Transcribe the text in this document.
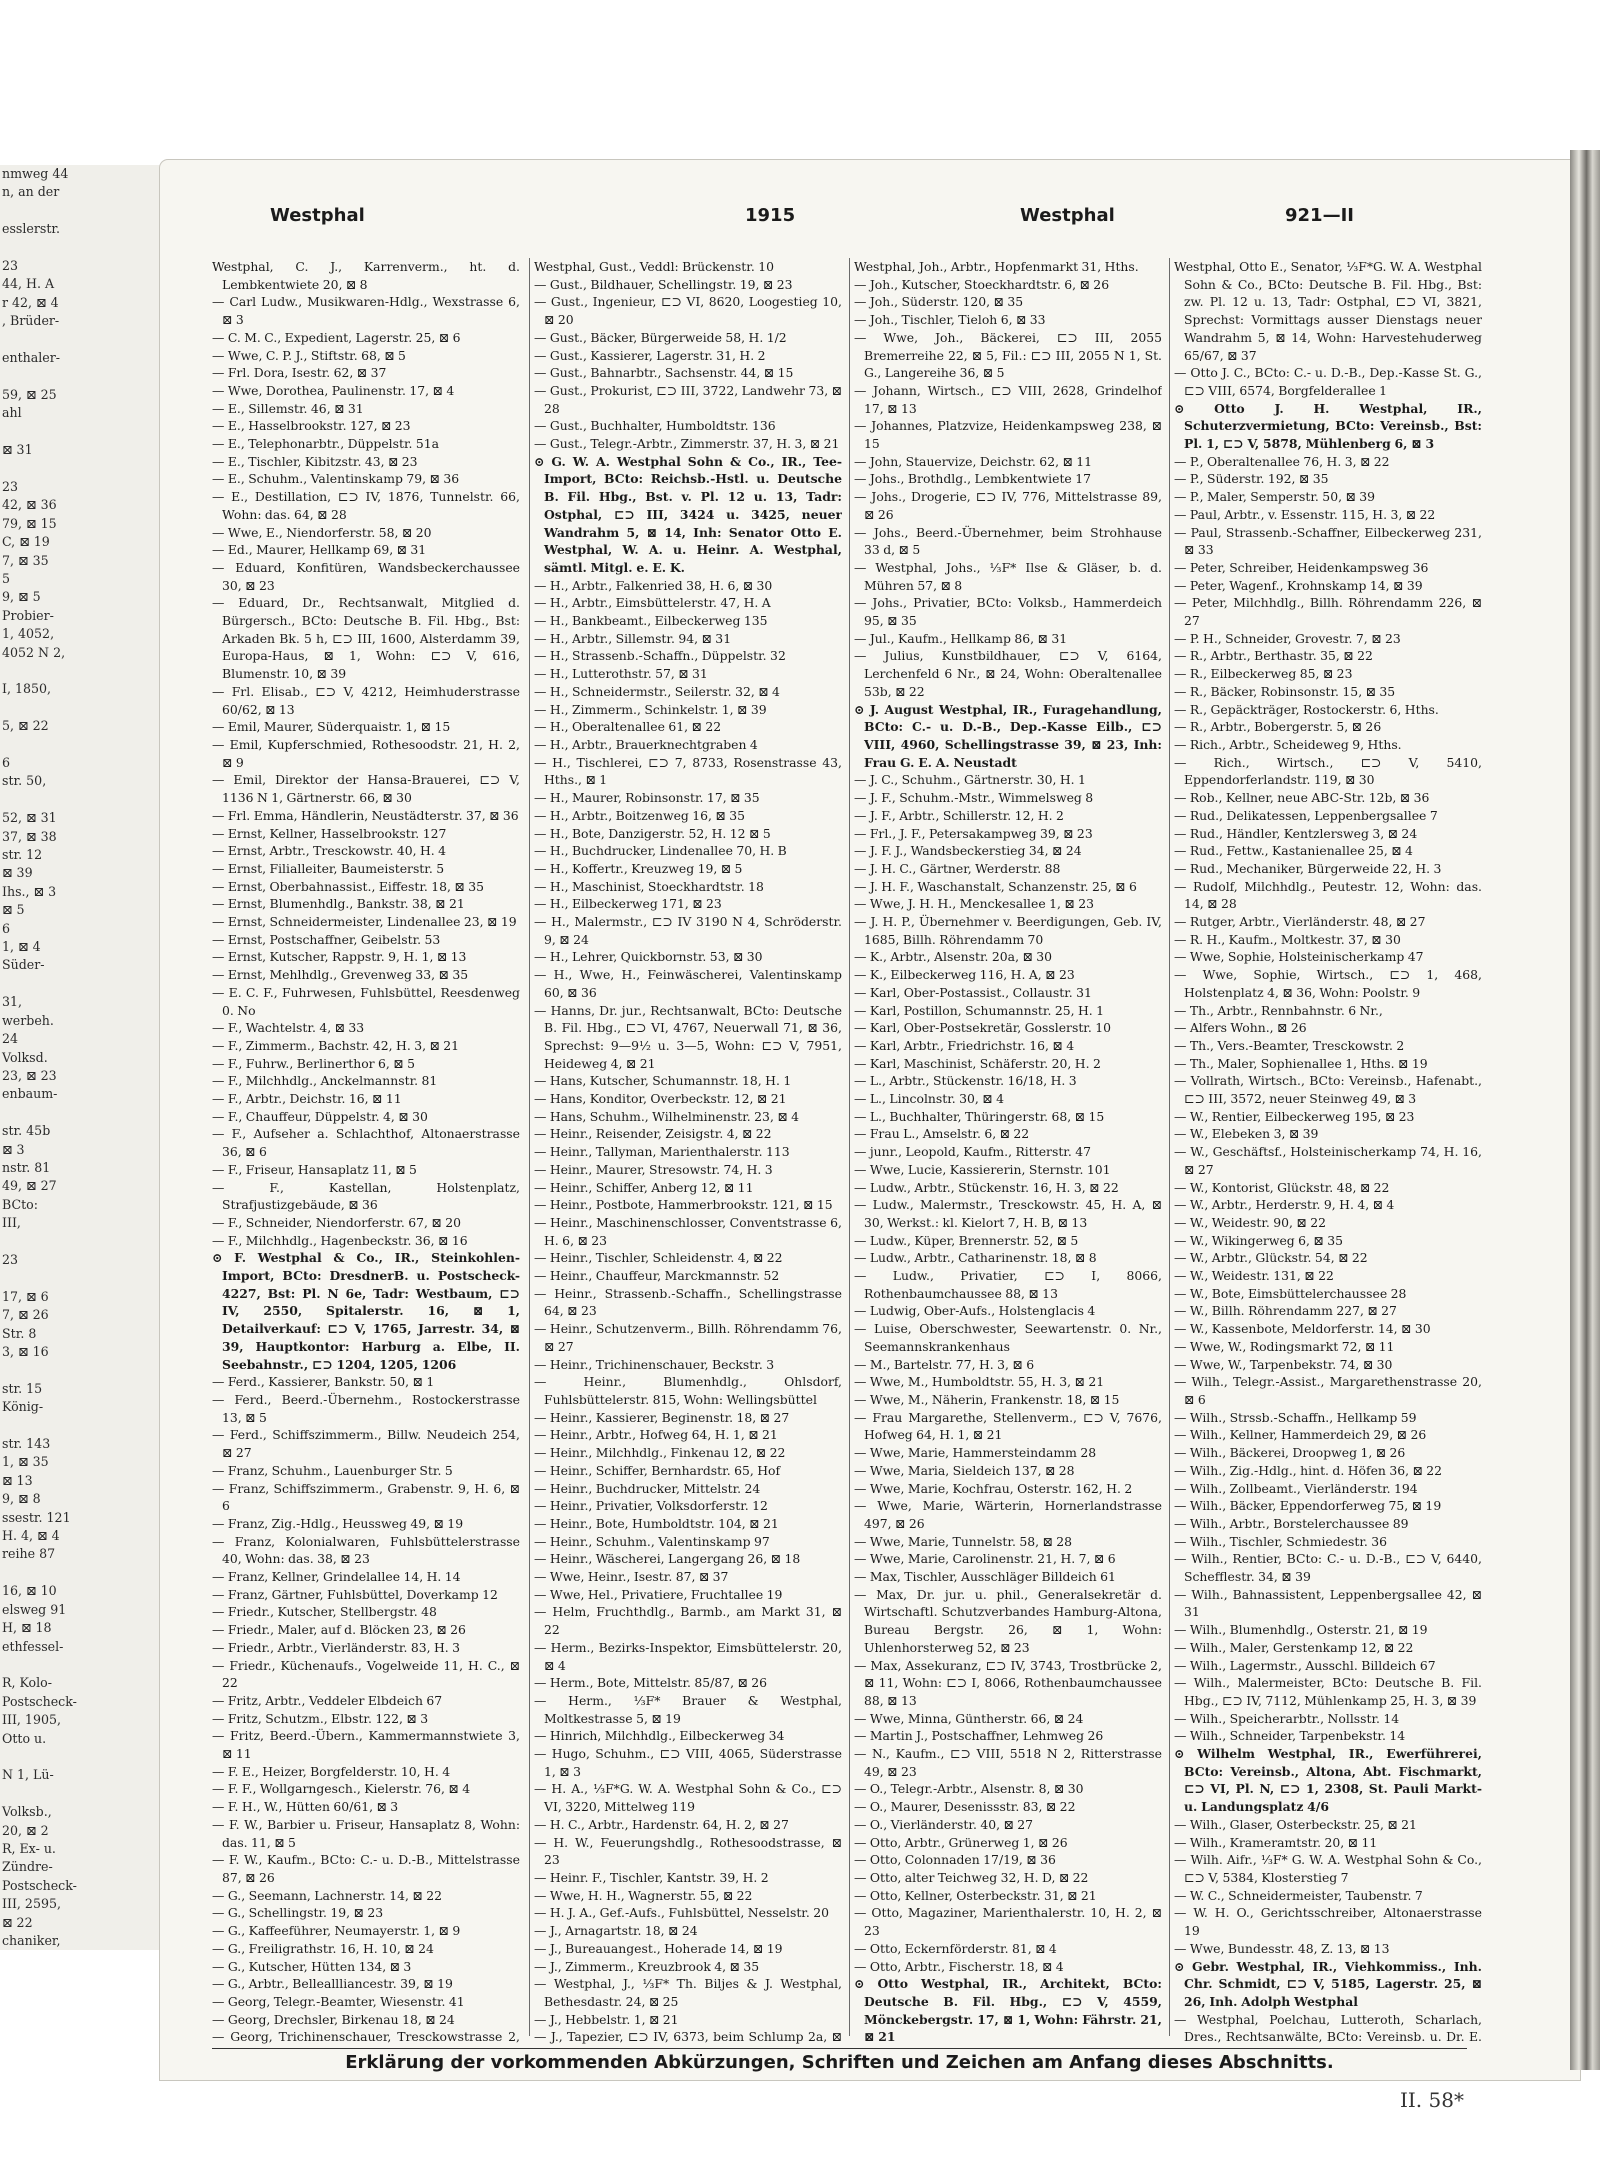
nmweg 44
n, an der

esslerstr.

23
44, H. A
r 42, ⊠ 4
, Brüder-

enthaler-

59, ⊠ 25
ahl

⊠ 31

23
42, ⊠ 36
79, ⊠ 15
C, ⊠ 19
7, ⊠ 35
5
9, ⊠ 5
Probier-
1, 4052,
4052 N 2,

I, 1850,

5, ⊠ 22

6
str. 50,

52, ⊠ 31
37, ⊠ 38
str. 12
⊠ 39
Ihs., ⊠ 3
⊠ 5
6
1, ⊠ 4
Süder-

31,
werbeh.
24
Volksd.
23, ⊠ 23
enbaum-

str. 45b
⊠ 3
nstr. 81
49, ⊠ 27
BCto:
III,

23

17, ⊠ 6
7, ⊠ 26
Str. 8
3, ⊠ 16

str. 15
König-

str. 143
1, ⊠ 35
⊠ 13
9, ⊠ 8
ssestr. 121
H. 4, ⊠ 4
reihe 87

16, ⊠ 10
elsweg 91
H, ⊠ 18
ethfessel-

R, Kolo-
Postscheck-
III, 1905,
Otto u.

N 1, Lü-

Volksb.,
20, ⊠ 2
R, Ex- u.
Zündre-
Postscheck-
III, 2595,
⊠ 22
chaniker,
Westphal	1915	Westphal	921—II
Westphal, C. J., Karrenverm., ht. d. Lembkentwiete 20, ⊠ 8
— Carl Ludw., Musikwaren-Hdlg., Wexstrasse 6, ⊠ 3
— C. M. C., Expedient, Lagerstr. 25, ⊠ 6
— Wwe, C. P. J., Stiftstr. 68, ⊠ 5
— Frl. Dora, Isestr. 62, ⊠ 37
— Wwe, Dorothea, Paulinenstr. 17, ⊠ 4
— E., Sillemstr. 46, ⊠ 31
— E., Hasselbrookstr. 127, ⊠ 23
— E., Telephonarbtr., Düppelstr. 51a
— E., Tischler, Kibitzstr. 43, ⊠ 23
— E., Schuhm., Valentinskamp 79, ⊠ 36
— E., Destillation, ⊏⊃ IV, 1876, Tunnelstr. 66, Wohn: das. 64, ⊠ 28
— Wwe, E., Niendorferstr. 58, ⊠ 20
— Ed., Maurer, Hellkamp 69, ⊠ 31
— Eduard, Konfitüren, Wandsbeckerchaussee 30, ⊠ 23
— Eduard, Dr., Rechtsanwalt, Mitglied d. Bürgersch., BCto: Deutsche B. Fil. Hbg., Bst: Arkaden Bk. 5 h, ⊏⊃ III, 1600, Alsterdamm 39, Europa-Haus, ⊠ 1, Wohn: ⊏⊃ V, 616, Blumenstr. 10, ⊠ 39
— Frl. Elisab., ⊏⊃ V, 4212, Heimhuderstrasse 60/62, ⊠ 13
— Emil, Maurer, Süderquaistr. 1, ⊠ 15
— Emil, Kupferschmied, Rothesoodstr. 21, H. 2, ⊠ 9
— Emil, Direktor der Hansa-Brauerei, ⊏⊃ V, 1136 N 1, Gärtnerstr. 66, ⊠ 30
— Frl. Emma, Händlerin, Neustädterstr. 37, ⊠ 36
— Ernst, Kellner, Hasselbrookstr. 127
— Ernst, Arbtr., Tresckowstr. 40, H. 4
— Ernst, Filialleiter, Baumeisterstr. 5
— Ernst, Oberbahnassist., Eiffestr. 18, ⊠ 35
— Ernst, Blumenhdlg., Bankstr. 38, ⊠ 21
— Ernst, Schneidermeister, Lindenallee 23, ⊠ 19
— Ernst, Postschaffner, Geibelstr. 53
— Ernst, Kutscher, Rappstr. 9, H. 1, ⊠ 13
— Ernst, Mehlhdlg., Grevenweg 33, ⊠ 35
— E. C. F., Fuhrwesen, Fuhlsbüttel, Reesdenweg 0. No
— F., Wachtelstr. 4, ⊠ 33
— F., Zimmerm., Bachstr. 42, H. 3, ⊠ 21
— F., Fuhrw., Berlinerthor 6, ⊠ 5
— F., Milchhdlg., Anckelmannstr. 81
— F., Arbtr., Deichstr. 16, ⊠ 11
— F., Chauffeur, Düppelstr. 4, ⊠ 30
— F., Aufseher a. Schlachthof, Altonaerstrasse 36, ⊠ 6
— F., Friseur, Hansaplatz 11, ⊠ 5
— F., Kastellan, Holstenplatz, Strafjustizgebäude, ⊠ 36
— F., Schneider, Niendorferstr. 67, ⊠ 20
— F., Milchhdlg., Hagenbeckstr. 36, ⊠ 16
⊙ F. Westphal & Co., IR., Steinkohlen-Import, BCto: DresdnerB. u. Postscheck-4227, Bst: Pl. N 6e, Tadr: Westbaum, ⊏⊃ IV, 2550, Spitalerstr. 16, ⊠ 1, Detailverkauf: ⊏⊃ V, 1765, Jarrestr. 34, ⊠ 39, Hauptkontor: Harburg a. Elbe, II. Seebahnstr., ⊏⊃ 1204, 1205, 1206
— Ferd., Kassierer, Bankstr. 50, ⊠ 1
— Ferd., Beerd.-Übernehm., Rostockerstrasse 13, ⊠ 5
— Ferd., Schiffszimmerm., Billw. Neudeich 254, ⊠ 27
— Franz, Schuhm., Lauenburger Str. 5
— Franz, Schiffszimmerm., Grabenstr. 9, H. 6, ⊠ 6
— Franz, Zig.-Hdlg., Heussweg 49, ⊠ 19
— Franz, Kolonialwaren, Fuhlsbüttelerstrasse 40, Wohn: das. 38, ⊠ 23
— Franz, Kellner, Grindelallee 14, H. 14
— Franz, Gärtner, Fuhlsbüttel, Doverkamp 12
— Friedr., Kutscher, Stellbergstr. 48
— Friedr., Maler, auf d. Blöcken 23, ⊠ 26
— Friedr., Arbtr., Vierländerstr. 83, H. 3
— Friedr., Küchenaufs., Vogelweide 11, H. C., ⊠ 22
— Fritz, Arbtr., Veddeler Elbdeich 67
— Fritz, Schutzm., Elbstr. 122, ⊠ 3
— Fritz, Beerd.-Übern., Kammermannstwiete 3, ⊠ 11
— F. E., Heizer, Borgfelderstr. 10, H. 4
— F. F., Wollgarngesch., Kielerstr. 76, ⊠ 4
— F. H., W., Hütten 60/61, ⊠ 3
— F. W., Barbier u. Friseur, Hansaplatz 8, Wohn: das. 11, ⊠ 5
— F. W., Kaufm., BCto: C.- u. D.-B., Mittelstrasse 87, ⊠ 26
— G., Seemann, Lachnerstr. 14, ⊠ 22
— G., Schellingstr. 19, ⊠ 23
— G., Kaffeeführer, Neumayerstr. 1, ⊠ 9
— G., Freiligrathstr. 16, H. 10, ⊠ 24
— G., Kutscher, Hütten 134, ⊠ 3
— G., Arbtr., Belleallliancestr. 39, ⊠ 19
— Georg, Telegr.-Beamter, Wiesenstr. 41
— Georg, Drechsler, Birkenau 18, ⊠ 24
— Georg, Trichinenschauer, Tresckowstrasse 2,
Westphal, Gust., Veddl: Brückenstr. 10
— Gust., Bildhauer, Schellingstr. 19, ⊠ 23
— Gust., Ingenieur, ⊏⊃ VI, 8620, Loogestieg 10, ⊠ 20
— Gust., Bäcker, Bürgerweide 58, H. 1/2
— Gust., Kassierer, Lagerstr. 31, H. 2
— Gust., Bahnarbtr., Sachsenstr. 44, ⊠ 15
— Gust., Prokurist, ⊏⊃ III, 3722, Landwehr 73, ⊠ 28
— Gust., Buchhalter, Humboldtstr. 136
— Gust., Telegr.-Arbtr., Zimmerstr. 37, H. 3, ⊠ 21
⊙ G. W. A. Westphal Sohn & Co., IR., Tee-Import, BCto: Reichsb.-Hstl. u. Deutsche B. Fil. Hbg., Bst. v. Pl. 12 u. 13, Tadr: Ostphal, ⊏⊃ III, 3424 u. 3425, neuer Wandrahm 5, ⊠ 14, Inh: Senator Otto E. Westphal, W. A. u. Heinr. A. Westphal, sämtl. Mitgl. e. E. K.
— H., Arbtr., Falkenried 38, H. 6, ⊠ 30
— H., Arbtr., Eimsbüttelerstr. 47, H. A
— H., Bankbeamt., Eilbeckerweg 135
— H., Arbtr., Sillemstr. 94, ⊠ 31
— H., Strassenb.-Schaffn., Düppelstr. 32
— H., Lutterothstr. 57, ⊠ 31
— H., Schneidermstr., Seilerstr. 32, ⊠ 4
— H., Zimmerm., Schinkelstr. 1, ⊠ 39
— H., Oberaltenallee 61, ⊠ 22
— H., Arbtr., Brauerknechtgraben 4
— H., Tischlerei, ⊏⊃ 7, 8733, Rosenstrasse 43, Hths., ⊠ 1
— H., Maurer, Robinsonstr. 17, ⊠ 35
— H., Arbtr., Boitzenweg 16, ⊠ 35
— H., Bote, Danzigerstr. 52, H. 12 ⊠ 5
— H., Buchdrucker, Lindenallee 70, H. B
— H., Koffertr., Kreuzweg 19, ⊠ 5
— H., Maschinist, Stoeckhardtstr. 18
— H., Eilbeckerweg 171, ⊠ 23
— H., Malermstr., ⊏⊃ IV 3190 N 4, Schröderstr. 9, ⊠ 24
— H., Lehrer, Quickbornstr. 53, ⊠ 30
— H., Wwe, H., Feinwäscherei, Valentinskamp 60, ⊠ 36
— Hanns, Dr. jur., Rechtsanwalt, BCto: Deutsche B. Fil. Hbg., ⊏⊃ VI, 4767, Neuerwall 71, ⊠ 36, Sprechst: 9—9½ u. 3—5, Wohn: ⊏⊃ V, 7951, Heideweg 4, ⊠ 21
— Hans, Kutscher, Schumannstr. 18, H. 1
— Hans, Konditor, Overbeckstr. 12, ⊠ 21
— Hans, Schuhm., Wilhelminenstr. 23, ⊠ 4
— Heinr., Reisender, Zeisigstr. 4, ⊠ 22
— Heinr., Tallyman, Marienthalerstr. 113
— Heinr., Maurer, Stresowstr. 74, H. 3
— Heinr., Schiffer, Anberg 12, ⊠ 11
— Heinr., Postbote, Hammerbrookstr. 121, ⊠ 15
— Heinr., Maschinenschlosser, Conventstrasse 6, H. 6, ⊠ 23
— Heinr., Tischler, Schleidenstr. 4, ⊠ 22
— Heinr., Chauffeur, Marckmannstr. 52
— Heinr., Strassenb.-Schaffn., Schellingstrasse 64, ⊠ 23
— Heinr., Schutzenverm., Billh. Röhrendamm 76, ⊠ 27
— Heinr., Trichinenschauer, Beckstr. 3
— Heinr., Blumenhdlg., Ohlsdorf, Fuhlsbüttelerstr. 815, Wohn: Wellingsbüttel
— Heinr., Kassierer, Beginenstr. 18, ⊠ 27
— Heinr., Arbtr., Hofweg 64, H. 1, ⊠ 21
— Heinr., Milchhdlg., Finkenau 12, ⊠ 22
— Heinr., Schiffer, Bernhardstr. 65, Hof
— Heinr., Buchdrucker, Mittelstr. 24
— Heinr., Privatier, Volksdorferstr. 12
— Heinr., Bote, Humboldtstr. 104, ⊠ 21
— Heinr., Schuhm., Valentinskamp 97
— Heinr., Wäscherei, Langergang 26, ⊠ 18
— Wwe, Heinr., Isestr. 87, ⊠ 37
— Wwe, Hel., Privatiere, Fruchtallee 19
— Helm, Fruchthdlg., Barmb., am Markt 31, ⊠ 22
— Herm., Bezirks-Inspektor, Eimsbüttelerstr. 20, ⊠ 4
— Herm., Bote, Mittelstr. 85/87, ⊠ 26
— Herm., ⅓F* Brauer & Westphal, Moltkestrasse 5, ⊠ 19
— Hinrich, Milchhdlg., Eilbeckerweg 34
— Hugo, Schuhm., ⊏⊃ VIII, 4065, Süderstrasse 1, ⊠ 3
— H. A., ⅓F*G. W. A. Westphal Sohn & Co., ⊏⊃ VI, 3220, Mittelweg 119
— H. C., Arbtr., Hardenstr. 64, H. 2, ⊠ 27
— H. W., Feuerungshdlg., Rothesoodstrasse, ⊠ 23
— Heinr. F., Tischler, Kantstr. 39, H. 2
— Wwe, H. H., Wagnerstr. 55, ⊠ 22
— H. J. A., Gef.-Aufs., Fuhlsbüttel, Nesselstr. 20
— J., Arnagartstr. 18, ⊠ 24
— J., Bureauangest., Hoherade 14, ⊠ 19
— J., Zimmerm., Kreuzbrook 4, ⊠ 35
— Westphal, J., ⅓F* Th. Biljes & J. Westphal, Bethesdastr. 24, ⊠ 25
— J., Hebbelstr. 1, ⊠ 21
— J., Tapezier, ⊏⊃ IV, 6373, beim Schlump 2a, ⊠
Westphal, Joh., Arbtr., Hopfenmarkt 31, Hths.
— Joh., Kutscher, Stoeckhardtstr. 6, ⊠ 26
— Joh., Süderstr. 120, ⊠ 35
— Joh., Tischler, Tieloh 6, ⊠ 33
— Wwe, Joh., Bäckerei, ⊏⊃ III, 2055 Bremerreihe 22, ⊠ 5, Fil.: ⊏⊃ III, 2055 N 1, St. G., Langereihe 36, ⊠ 5
— Johann, Wirtsch., ⊏⊃ VIII, 2628, Grindelhof 17, ⊠ 13
— Johannes, Platzvize, Heidenkampsweg 238, ⊠ 15
— John, Stauervize, Deichstr. 62, ⊠ 11
— Johs., Brothdlg., Lembkentwiete 17
— Johs., Drogerie, ⊏⊃ IV, 776, Mittelstrasse 89, ⊠ 26
— Johs., Beerd.-Übernehmer, beim Strohhause 33 d, ⊠ 5
— Westphal, Johs., ⅓F* Ilse & Gläser, b. d. Mühren 57, ⊠ 8
— Johs., Privatier, BCto: Volksb., Hammerdeich 95, ⊠ 35
— Jul., Kaufm., Hellkamp 86, ⊠ 31
— Julius, Kunstbildhauer, ⊏⊃ V, 6164, Lerchenfeld 6 Nr., ⊠ 24, Wohn: Oberaltenallee 53b, ⊠ 22
⊙ J. August Westphal, IR., Furagehandlung, BCto: C.- u. D.-B., Dep.-Kasse Eilb., ⊏⊃ VIII, 4960, Schellingstrasse 39, ⊠ 23, Inh: Frau G. E. A. Neustadt
— J. C., Schuhm., Gärtnerstr. 30, H. 1
— J. F., Schuhm.-Mstr., Wimmelsweg 8
— J. F., Arbtr., Schillerstr. 12, H. 2
— Frl., J. F., Petersakampweg 39, ⊠ 23
— J. F. J., Wandsbeckerstieg 34, ⊠ 24
— J. H. C., Gärtner, Werderstr. 88
— J. H. F., Waschanstalt, Schanzenstr. 25, ⊠ 6
— Wwe, J. H. H., Menckesallee 1, ⊠ 23
— J. H. P., Übernehmer v. Beerdigungen, Geb. IV, 1685, Billh. Röhrendamm 70
— K., Arbtr., Alsenstr. 20a, ⊠ 30
— K., Eilbeckerweg 116, H. A, ⊠ 23
— Karl, Ober-Postassist., Collaustr. 31
— Karl, Postillon, Schumannstr. 25, H. 1
— Karl, Ober-Postsekretär, Gosslerstr. 10
— Karl, Arbtr., Friedrichstr. 16, ⊠ 4
— Karl, Maschinist, Schäferstr. 20, H. 2
— L., Arbtr., Stückenstr. 16/18, H. 3
— L., Lincolnstr. 30, ⊠ 4
— L., Buchhalter, Thüringerstr. 68, ⊠ 15
— Frau L., Amselstr. 6, ⊠ 22
— junr., Leopold, Kaufm., Ritterstr. 47
— Wwe, Lucie, Kassiererin, Sternstr. 101
— Ludw., Arbtr., Stückenstr. 16, H. 3, ⊠ 22
— Ludw., Malermstr., Tresckowstr. 45, H. A, ⊠ 30, Werkst.: kl. Kielort 7, H. B, ⊠ 13
— Ludw., Küper, Brennerstr. 52, ⊠ 5
— Ludw., Arbtr., Catharinenstr. 18, ⊠ 8
— Ludw., Privatier, ⊏⊃ I, 8066, Rothenbaumchaussee 88, ⊠ 13
— Ludwig, Ober-Aufs., Holstenglacis 4
— Luise, Oberschwester, Seewartenstr. 0. Nr., Seemannskrankenhaus
— M., Bartelstr. 77, H. 3, ⊠ 6
— Wwe, M., Humboldtstr. 55, H. 3, ⊠ 21
— Wwe, M., Näherin, Frankenstr. 18, ⊠ 15
— Frau Margarethe, Stellenverm., ⊏⊃ V, 7676, Hofweg 64, H. 1, ⊠ 21
— Wwe, Marie, Hammersteindamm 28
— Wwe, Maria, Sieldeich 137, ⊠ 28
— Wwe, Marie, Kochfrau, Osterstr. 162, H. 2
— Wwe, Marie, Wärterin, Hornerlandstrasse 497, ⊠ 26
— Wwe, Marie, Tunnelstr. 58, ⊠ 28
— Wwe, Marie, Carolinenstr. 21, H. 7, ⊠ 6
— Max, Tischler, Ausschläger Billdeich 61
— Max, Dr. jur. u. phil., Generalsekretär d. Wirtschaftl. Schutzverbandes Hamburg-Altona, Bureau Bergstr. 26, ⊠ 1, Wohn: Uhlenhorsterweg 52, ⊠ 23
— Max, Assekuranz, ⊏⊃ IV, 3743, Trostbrücke 2, ⊠ 11, Wohn: ⊏⊃ I, 8066, Rothenbaumchaussee 88, ⊠ 13
— Wwe, Minna, Güntherstr. 66, ⊠ 24
— Martin J., Postschaffner, Lehmweg 26
— N., Kaufm., ⊏⊃ VIII, 5518 N 2, Ritterstrasse 49, ⊠ 23
— O., Telegr.-Arbtr., Alsenstr. 8, ⊠ 30
— O., Maurer, Desenissstr. 83, ⊠ 22
— O., Vierländerstr. 40, ⊠ 27
— Otto, Arbtr., Grünerweg 1, ⊠ 26
— Otto, Colonnaden 17/19, ⊠ 36
— Otto, alter Teichweg 32, H. D, ⊠ 22
— Otto, Kellner, Osterbeckstr. 31, ⊠ 21
— Otto, Magaziner, Marienthalerstr. 10, H. 2, ⊠ 23
— Otto, Eckernförderstr. 81, ⊠ 4
— Otto, Arbtr., Fischerstr. 18, ⊠ 4
⊙ Otto Westphal, IR., Architekt, BCto: Deutsche B. Fil. Hbg., ⊏⊃ V, 4559, Mönckebergstr. 17, ⊠ 1, Wohn: Fährstr. 21, ⊠ 21
Westphal, Otto E., Senator, ⅓F*G. W. A. Westphal Sohn & Co., BCto: Deutsche B. Fil. Hbg., Bst: zw. Pl. 12 u. 13, Tadr: Ostphal, ⊏⊃ VI, 3821, Sprechst: Vormittags ausser Dienstags neuer Wandrahm 5, ⊠ 14, Wohn: Harvestehuderweg 65/67, ⊠ 37
— Otto J. C., BCto: C.- u. D.-B., Dep.-Kasse St. G., ⊏⊃ VIII, 6574, Borgfelderallee 1
⊙ Otto J. H. Westphal, IR., Schuterzvermietung, BCto: Vereinsb., Bst: Pl. 1, ⊏⊃ V, 5878, Mühlenberg 6, ⊠ 3
— P., Oberaltenallee 76, H. 3, ⊠ 22
— P., Süderstr. 192, ⊠ 35
— P., Maler, Semperstr. 50, ⊠ 39
— Paul, Arbtr., v. Essenstr. 115, H. 3, ⊠ 22
— Paul, Strassenb.-Schaffner, Eilbeckerweg 231, ⊠ 33
— Peter, Schreiber, Heidenkampsweg 36
— Peter, Wagenf., Krohnskamp 14, ⊠ 39
— Peter, Milchhdlg., Billh. Röhrendamm 226, ⊠ 27
— P. H., Schneider, Grovestr. 7, ⊠ 23
— R., Arbtr., Berthastr. 35, ⊠ 22
— R., Eilbeckerweg 85, ⊠ 23
— R., Bäcker, Robinsonstr. 15, ⊠ 35
— R., Gepäckträger, Rostockerstr. 6, Hths.
— R., Arbtr., Bobergerstr. 5, ⊠ 26
— Rich., Arbtr., Scheideweg 9, Hths.
— Rich., Wirtsch., ⊏⊃ V, 5410, Eppendorferlandstr. 119, ⊠ 30
— Rob., Kellner, neue ABC-Str. 12b, ⊠ 36
— Rud., Delikatessen, Leppenbergsallee 7
— Rud., Händler, Kentzlersweg 3, ⊠ 24
— Rud., Fettw., Kastanienallee 25, ⊠ 4
— Rud., Mechaniker, Bürgerweide 22, H. 3
— Rudolf, Milchhdlg., Peutestr. 12, Wohn: das. 14, ⊠ 28
— Rutger, Arbtr., Vierländerstr. 48, ⊠ 27
— R. H., Kaufm., Moltkestr. 37, ⊠ 30
— Wwe, Sophie, Holsteinischerkamp 47
— Wwe, Sophie, Wirtsch., ⊏⊃ 1, 468, Holstenplatz 4, ⊠ 36, Wohn: Poolstr. 9
— Th., Arbtr., Rennbahnstr. 6 Nr.,
— Alfers Wohn., ⊠ 26
— Th., Vers.-Beamter, Tresckowstr. 2
— Th., Maler, Sophienallee 1, Hths. ⊠ 19
— Vollrath, Wirtsch., BCto: Vereinsb., Hafenabt., ⊏⊃ III, 3572, neuer Steinweg 49, ⊠ 3
— W., Rentier, Eilbeckerweg 195, ⊠ 23
— W., Elebeken 3, ⊠ 39
— W., Geschäftsf., Holsteinischerkamp 74, H. 16, ⊠ 27
— W., Kontorist, Glückstr. 48, ⊠ 22
— W., Arbtr., Herderstr. 9, H. 4, ⊠ 4
— W., Weidestr. 90, ⊠ 22
— W., Wikingerweg 6, ⊠ 35
— W., Arbtr., Glückstr. 54, ⊠ 22
— W., Weidestr. 131, ⊠ 22
— W., Bote, Eimsbüttelerchaussee 28
— W., Billh. Röhrendamm 227, ⊠ 27
— W., Kassenbote, Meldorferstr. 14, ⊠ 30
— Wwe, W., Rodingsmarkt 72, ⊠ 11
— Wwe, W., Tarpenbekstr. 74, ⊠ 30
— Wilh., Telegr.-Assist., Margarethenstrasse 20, ⊠ 6
— Wilh., Strssb.-Schaffn., Hellkamp 59
— Wilh., Kellner, Hammerdeich 29, ⊠ 26
— Wilh., Bäckerei, Droopweg 1, ⊠ 26
— Wilh., Zig.-Hdlg., hint. d. Höfen 36, ⊠ 22
— Wilh., Zollbeamt., Vierländerstr. 194
— Wilh., Bäcker, Eppendorferweg 75, ⊠ 19
— Wilh., Arbtr., Borstelerchaussee 89
— Wilh., Tischler, Schmiedestr. 36
— Wilh., Rentier, BCto: C.- u. D.-B., ⊏⊃ V, 6440, Schefflestr. 34, ⊠ 39
— Wilh., Bahnassistent, Leppenbergsallee 42, ⊠ 31
— Wilh., Blumenhdlg., Osterstr. 21, ⊠ 19
— Wilh., Maler, Gerstenkamp 12, ⊠ 22
— Wilh., Lagermstr., Ausschl. Billdeich 67
— Wilh., Malermeister, BCto: Deutsche B. Fil. Hbg., ⊏⊃ IV, 7112, Mühlenkamp 25, H. 3, ⊠ 39
— Wilh., Speicherarbtr., Nollsstr. 14
— Wilh., Schneider, Tarpenbekstr. 14
⊙ Wilhelm Westphal, IR., Ewerführerei, BCto: Vereinsb., Altona, Abt. Fischmarkt, ⊏⊃ VI, Pl. N, ⊏⊃ 1, 2308, St. Pauli Markt- u. Landungsplatz 4/6
— Wilh., Glaser, Osterbeckstr. 25, ⊠ 21
— Wilh., Krameramtstr. 20, ⊠ 11
— Wilh. Aifr., ⅓F* G. W. A. Westphal Sohn & Co., ⊏⊃ V, 5384, Klosterstieg 7
— W. C., Schneidermeister, Taubenstr. 7
— W. H. O., Gerichtsschreiber, Altonaerstrasse 19
— Wwe, Bundesstr. 48, Z. 13, ⊠ 13
⊙ Gebr. Westphal, IR., Viehkommiss., Inh. Chr. Schmidt, ⊏⊃ V, 5185, Lagerstr. 25, ⊠ 26, Inh. Adolph Westphal
— Westphal, Poelchau, Lutteroth, Scharlach, Dres., Rechtsanwälte, BCto: Vereinsb. u. Dr. E.
Erklärung der vorkommenden Abkürzungen, Schriften und Zeichen am Anfang dieses Abschnitts.
II. 58*
